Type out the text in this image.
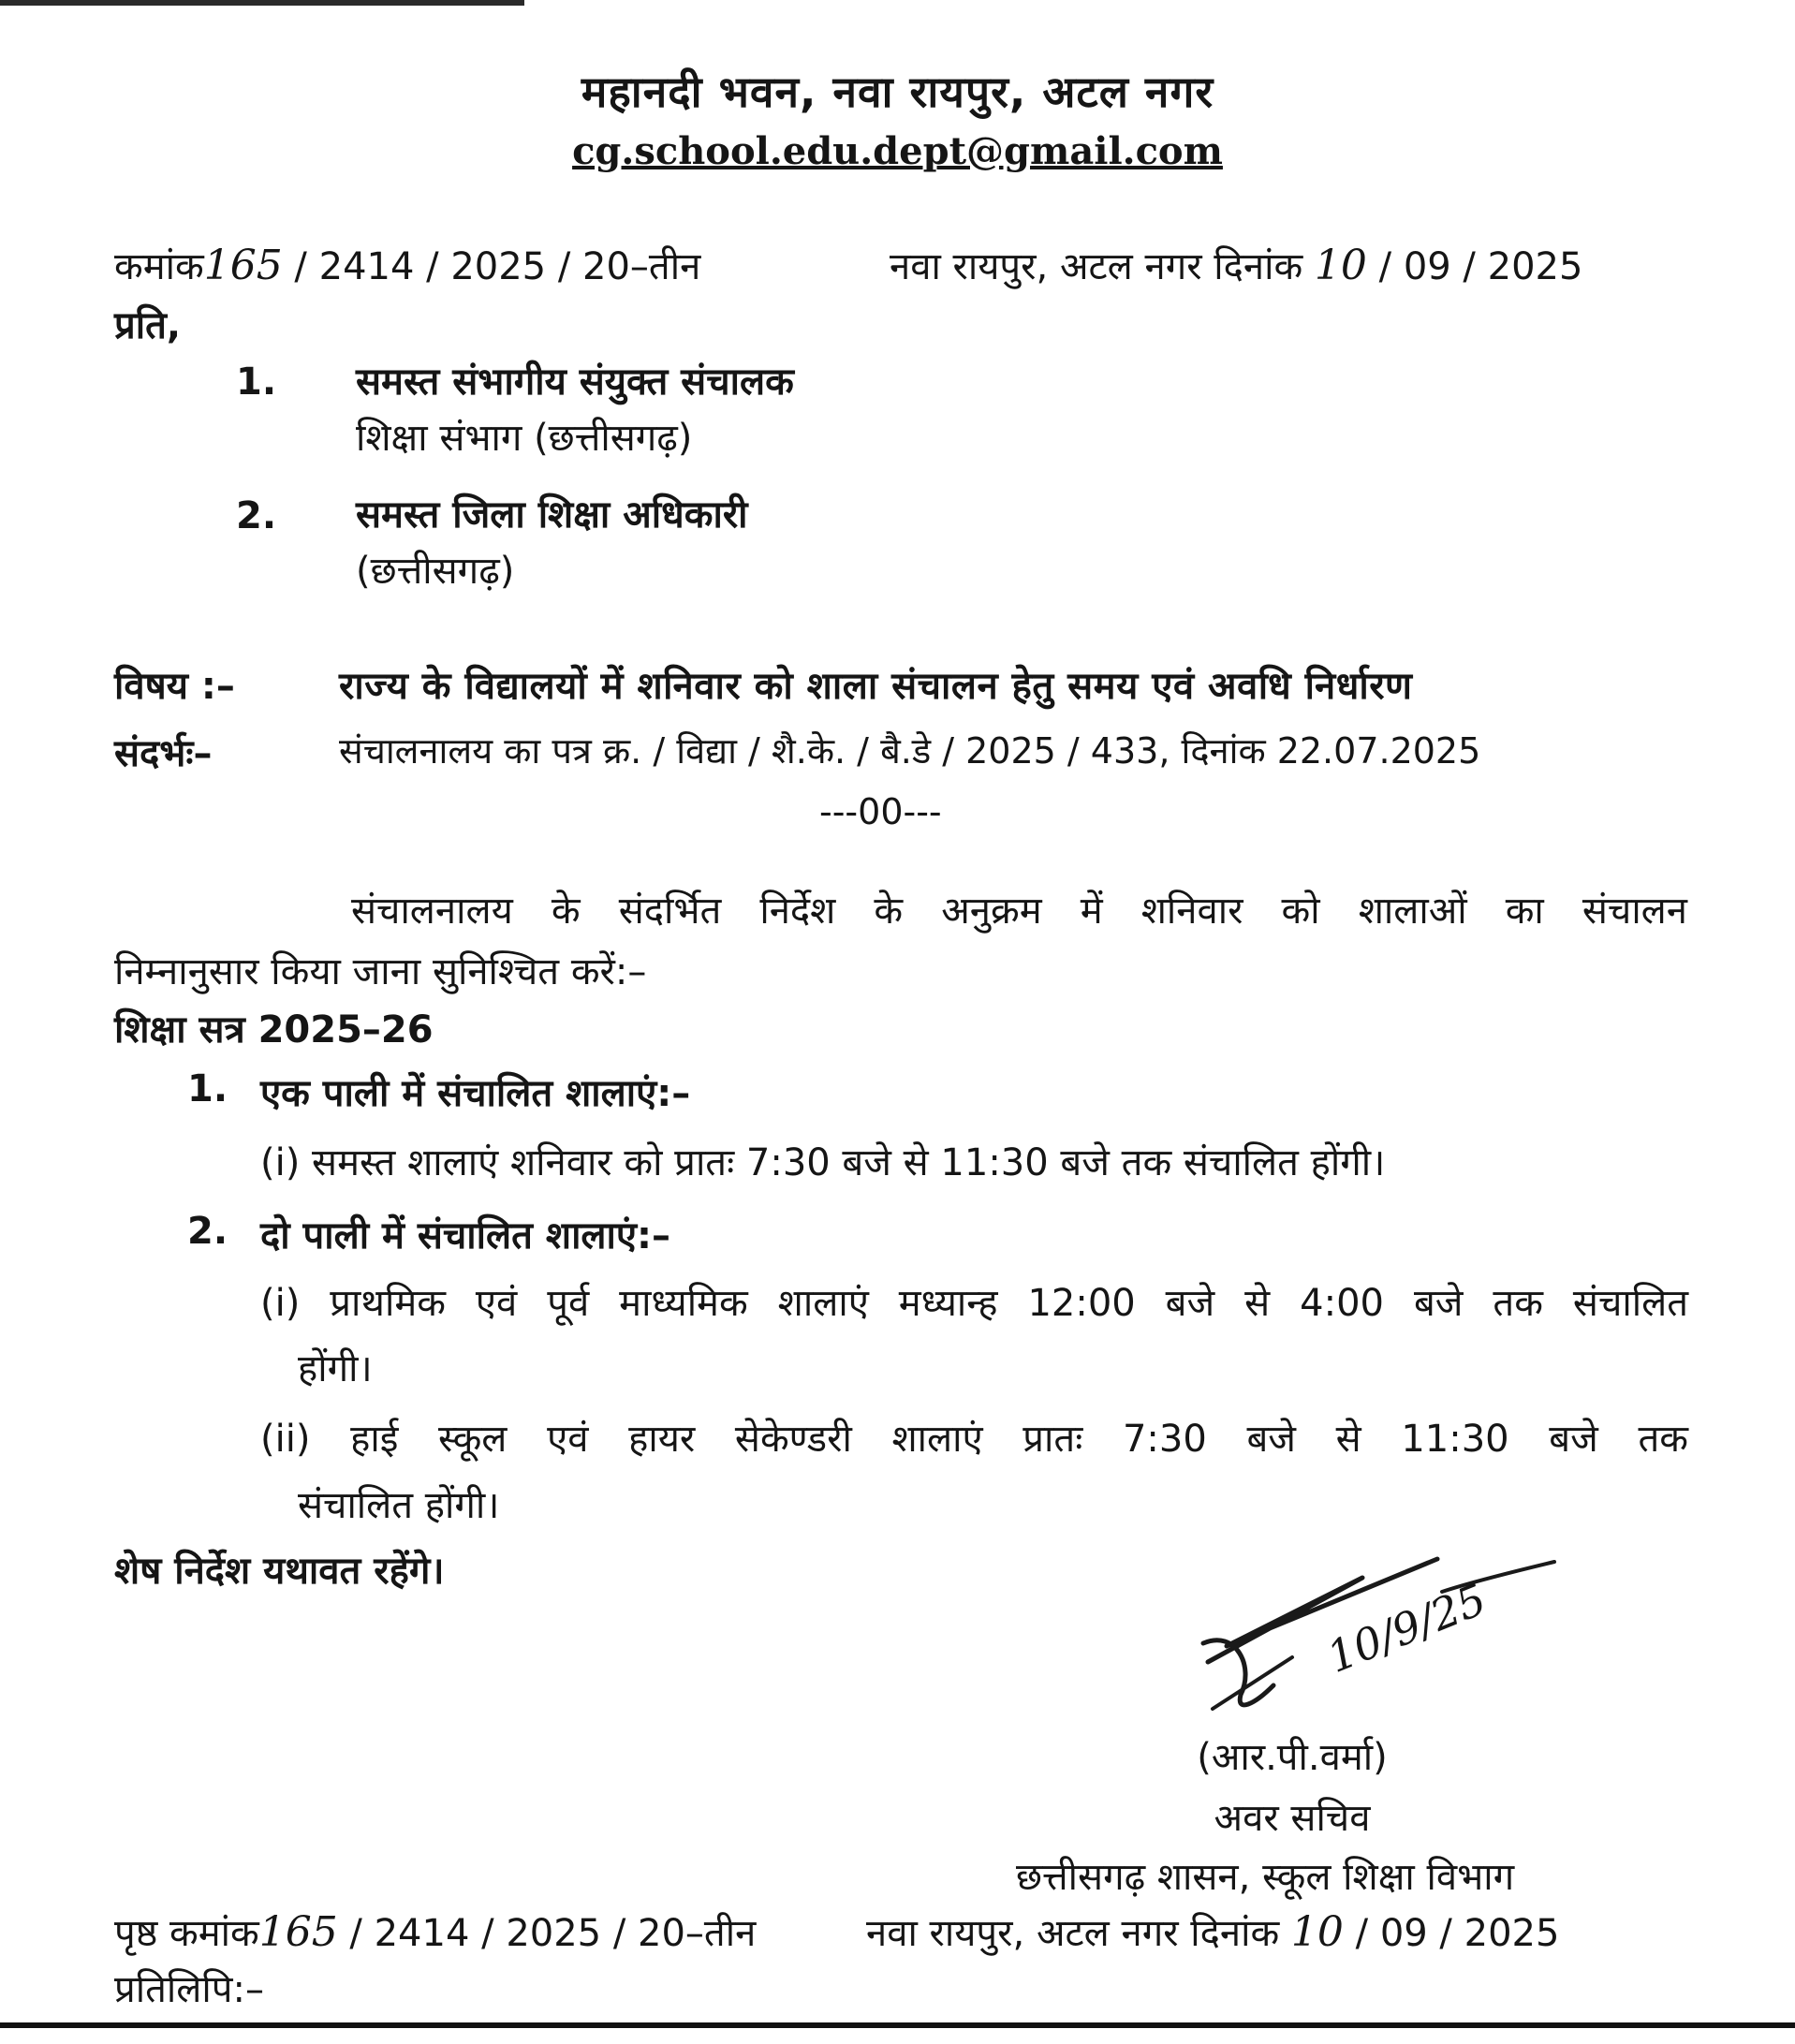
महानदी भवन, नवा रायपुर, अटल नगर
cg.school.edu.dept@gmail.com
कमांक165 / 2414 / 2025 / 20–तीन	नवा रायपुर, अटल नगर दिनांक 10 / 09 / 2025
प्रति,
1. समस्त संभागीय संयुक्त संचालक
शिक्षा संभाग (छत्तीसगढ़)
2. समस्त जिला शिक्षा अधिकारी
(छत्तीसगढ़)
विषय :–	राज्य के विद्यालयों में शनिवार को शाला संचालन हेतु समय एवं अवधि निर्धारण
संदर्भः–	संचालनालय का पत्र क्र. / विद्या / शै.के. / बै.डे / 2025 / 433, दिनांक 22.07.2025
---00---
संचालनालय के संदर्भित निर्देश के अनुक्रम में शनिवार को शालाओं का संचालन
निम्नानुसार किया जाना सुनिश्चित करें:–
शिक्षा सत्र 2025–26
1. एक पाली में संचालित शालाएं:–
(i) समस्त शालाएं शनिवार को प्रातः 7:30 बजे से 11:30 बजे तक संचालित होंगी।
2. दो पाली में संचालित शालाएं:–
(i) प्राथमिक एवं पूर्व माध्यमिक शालाएं मध्यान्ह 12:00 बजे से 4:00 बजे तक संचालित
होंगी।
(ii) हाई स्कूल एवं हायर सेकेण्डरी शालाएं प्रातः 7:30 बजे से 11:30 बजे तक
संचालित होंगी।
शेष निर्देश यथावत रहेंगे।
10/9/25
(आर.पी.वर्मा)
अवर सचिव
छत्तीसगढ़ शासन, स्कूल शिक्षा विभाग
पृष्ठ कमांक165 / 2414 / 2025 / 20–तीन	नवा रायपुर, अटल नगर दिनांक 10 / 09 / 2025
प्रतिलिपि:–
